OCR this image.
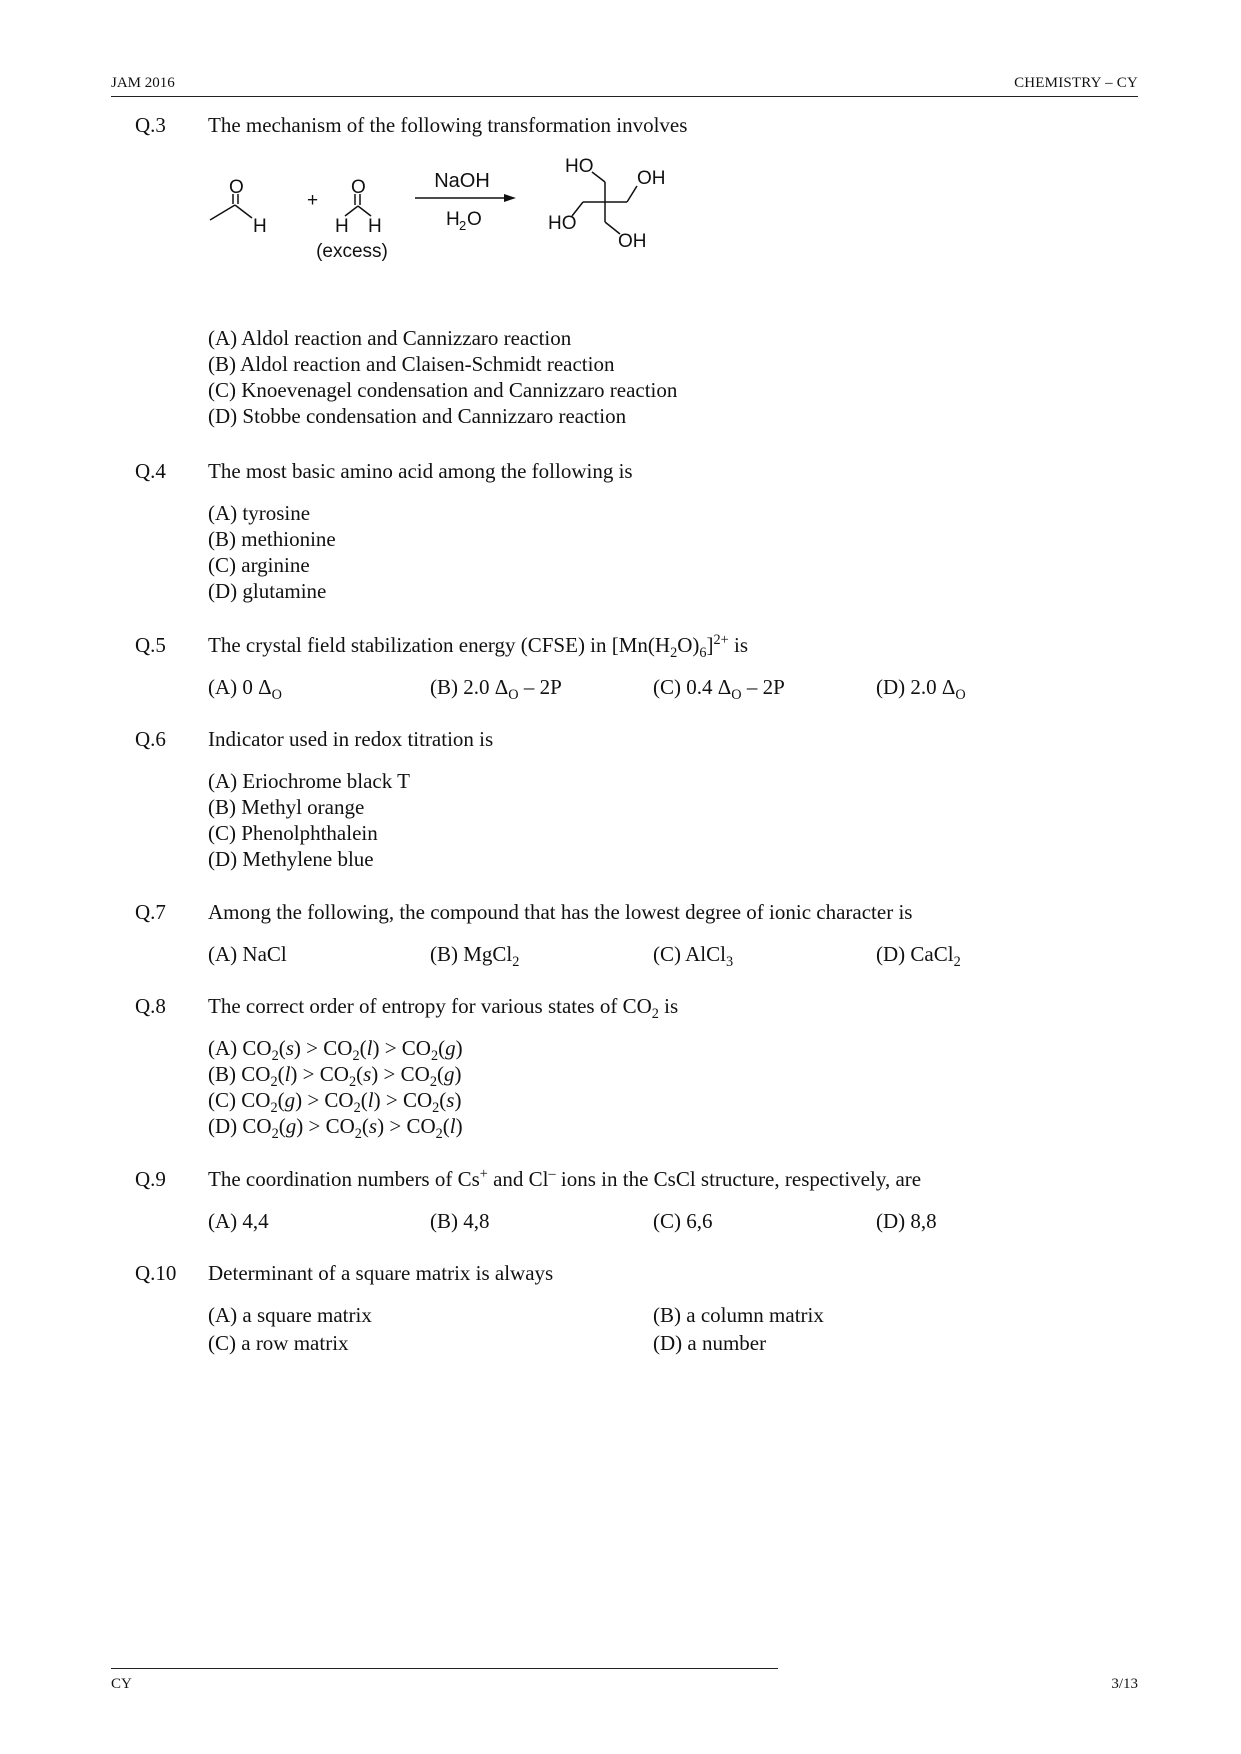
JAM 2016	CHEMISTRY – CY
Q.3 The mechanism of the following transformation involves
O
H
+
O
H H
(excess)
NaOH
H 2 O
HO
OH
HO
OH
(A) Aldol reaction and Cannizzaro reaction
(B) Aldol reaction and Claisen-Schmidt reaction
(C) Knoevenagel condensation and Cannizzaro reaction
(D) Stobbe condensation and Cannizzaro reaction
Q.4 The most basic amino acid among the following is
(A) tyrosine
(B) methionine
(C) arginine
(D) glutamine
Q.5 The crystal field stabilization energy (CFSE) in $[Mn(H_2O)_6]^{2+}$ is
(A) 0 $\Delta_O$	(B) 2.0 $\Delta_O - 2P$	(C) 0.4 $\Delta_O - 2P$	(D) 2.0 $\Delta_O$
Q.6 Indicator used in redox titration is
(A) Eriochrome black T
(B) Methyl orange
(C) Phenolphthalein
(D) Methylene blue
Q.7 Among the following, the compound that has the lowest degree of ionic character is
(A) NaCl	(B) MgCl$_2$	(C) AlCl$_3$	(D) CaCl$_2$
Q.8 The correct order of entropy for various states of $CO_2$ is
(A) $CO_2(s) > CO_2(l) > CO_2(g)$
(B) $CO_2(l) > CO_2(s) > CO_2(g)$
(C) $CO_2(g) > CO_2(l) > CO_2(s)$
(D) $CO_2(g) > CO_2(s) > CO_2(l)$
Q.9 The coordination numbers of Cs+ and Cl– ions in the CsCl structure, respectively, are
(A) 4,4	(B) 4,8	(C) 6,6	(D) 8,8
Q.10 Determinant of a square matrix is always
(A) a square matrix	(B) a column matrix
(C) a row matrix	(D) a number
CY	3/13
